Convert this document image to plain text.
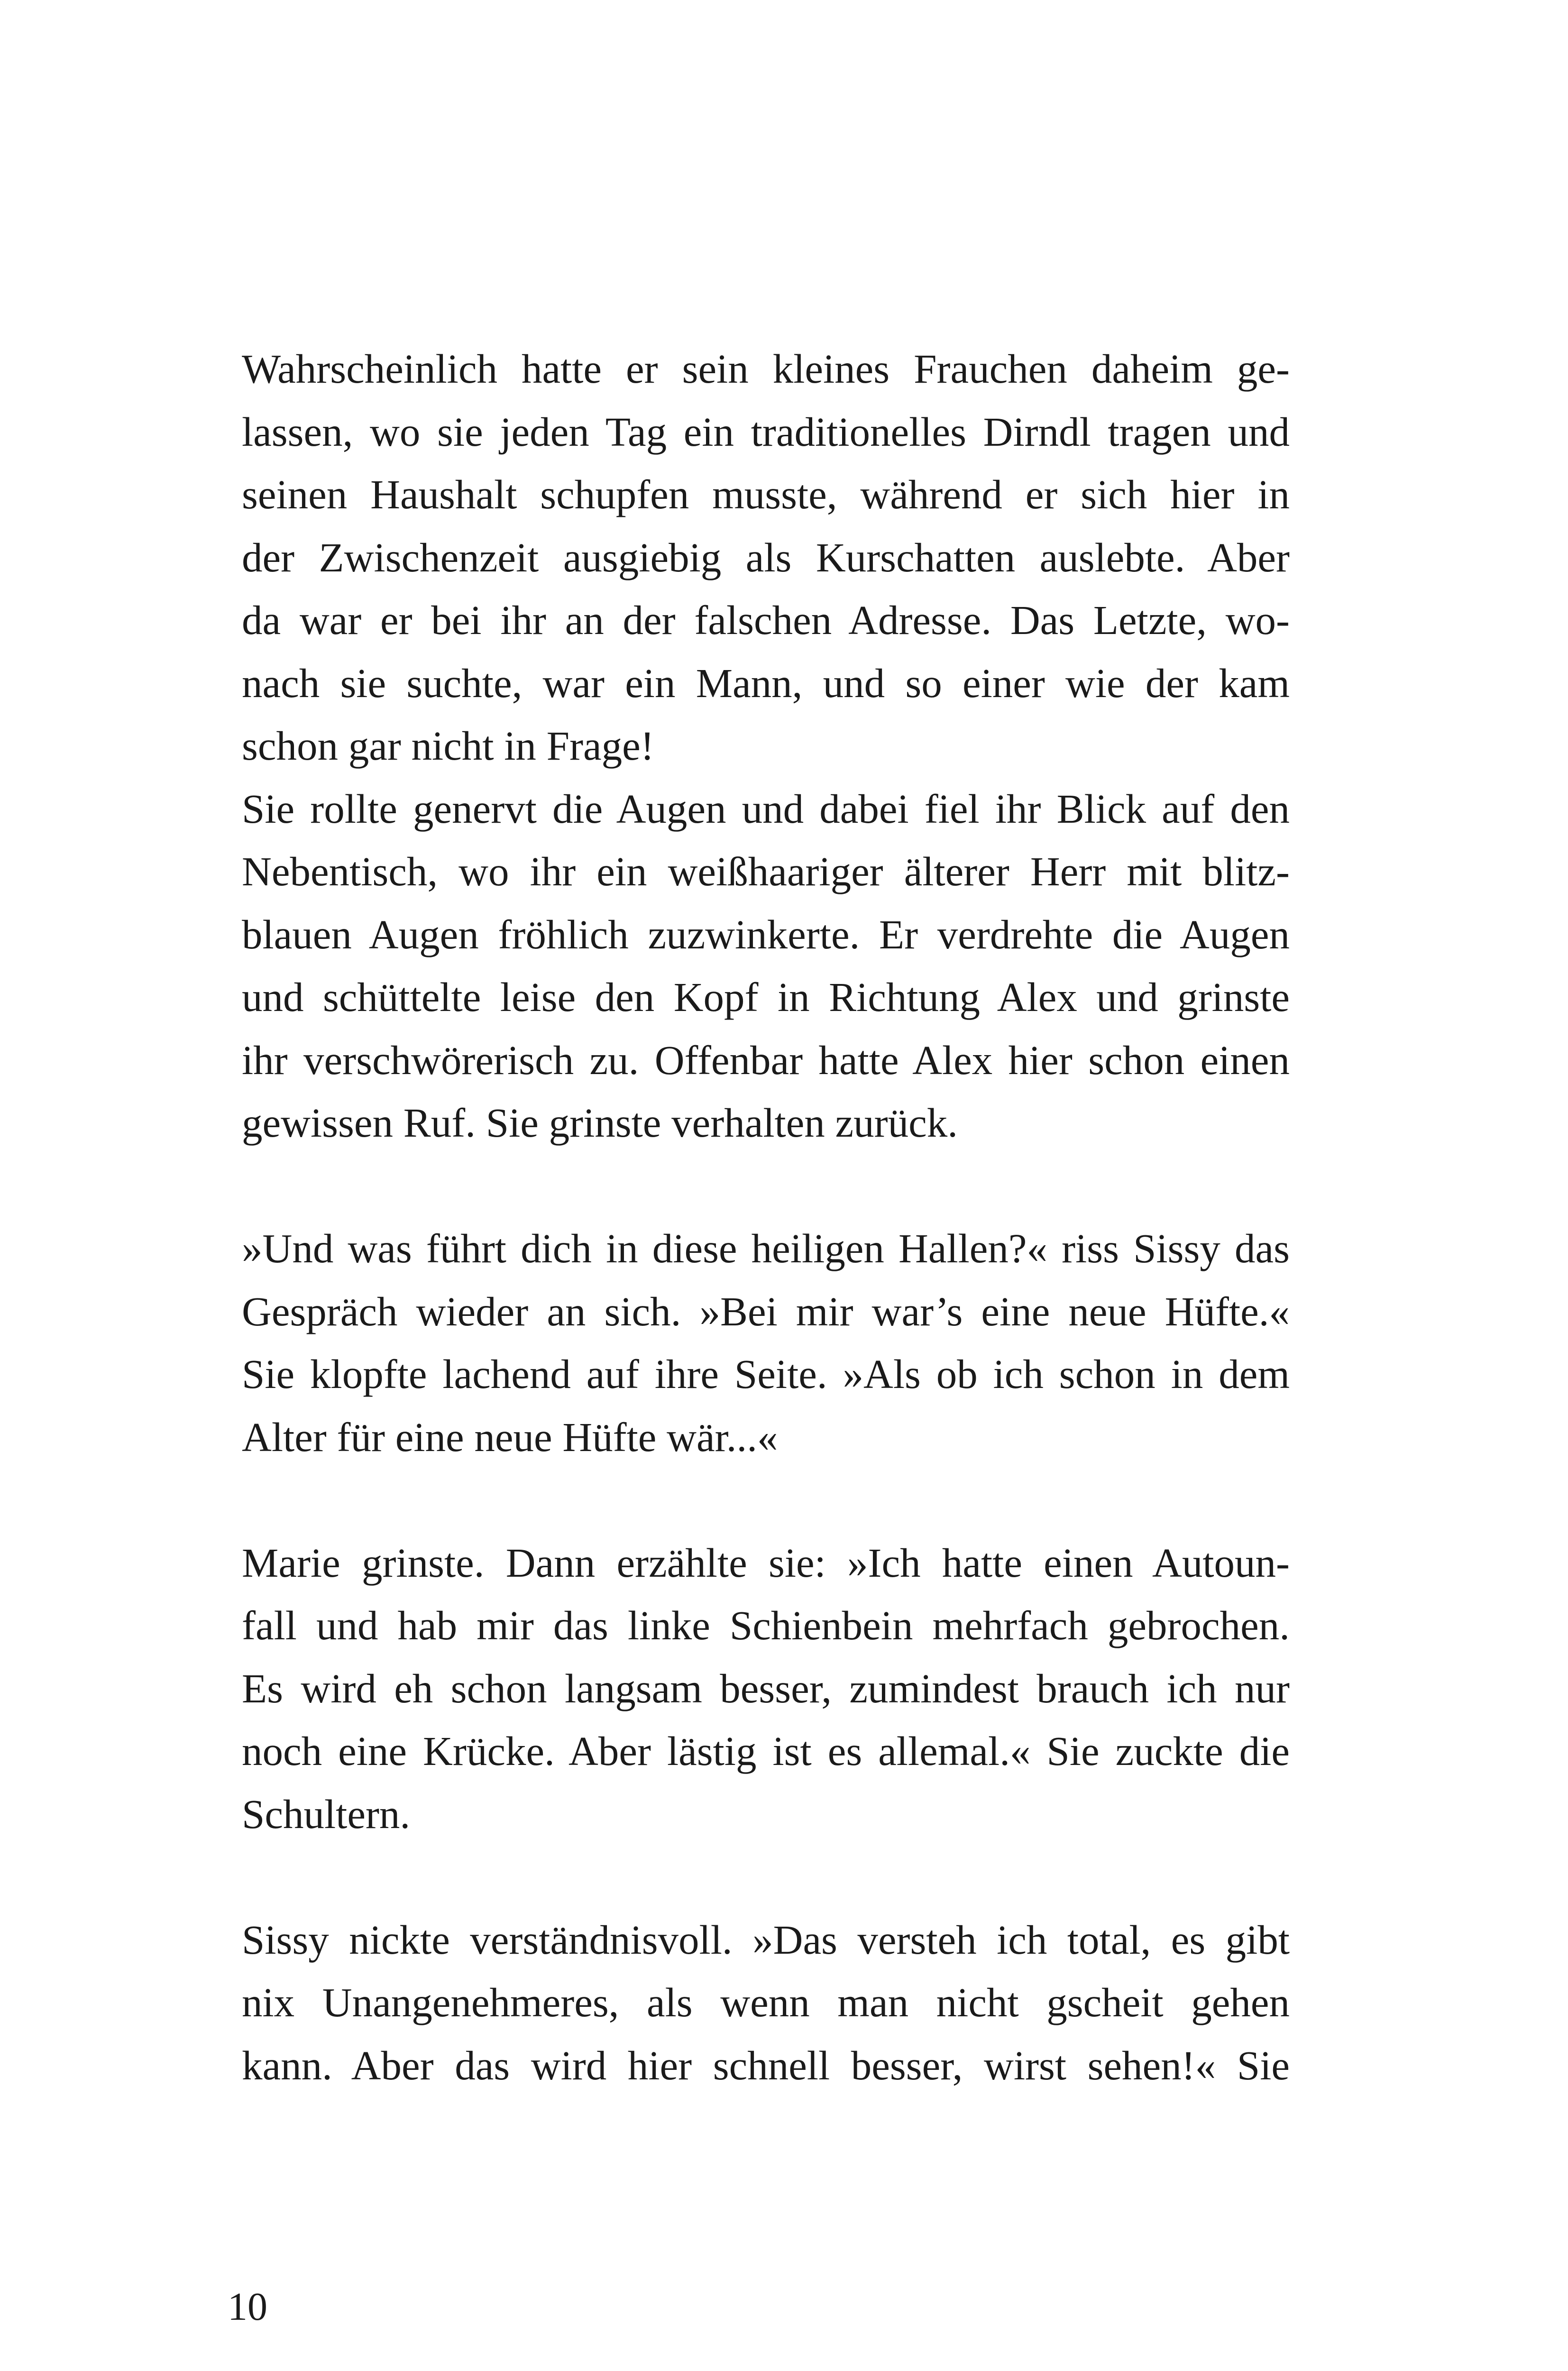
Wahrscheinlich hatte er sein kleines Frauchen daheim ge-
lassen, wo sie jeden Tag ein traditionelles Dirndl tragen und
seinen Haushalt schupfen musste, während er sich hier in
der Zwischenzeit ausgiebig als Kurschatten auslebte. Aber
da war er bei ihr an der falschen Adresse. Das Letzte, wo-
nach sie suchte, war ein Mann, und so einer wie der kam
schon gar nicht in Frage!
Sie rollte genervt die Augen und dabei fiel ihr Blick auf den
Nebentisch, wo ihr ein weißhaariger älterer Herr mit blitz-
blauen Augen fröhlich zuzwinkerte. Er verdrehte die Augen
und schüttelte leise den Kopf in Richtung Alex und grinste
ihr verschwörerisch zu. Offenbar hatte Alex hier schon einen
gewissen Ruf. Sie grinste verhalten zurück.
»Und was führt dich in diese heiligen Hallen?« riss Sissy das
Gespräch wieder an sich. »Bei mir war’s eine neue Hüfte.«
Sie klopfte lachend auf ihre Seite. »Als ob ich schon in dem
Alter für eine neue Hüfte wär...«
Marie grinste. Dann erzählte sie: »Ich hatte einen Autoun-
fall und hab mir das linke Schienbein mehrfach gebrochen.
Es wird eh schon langsam besser, zumindest brauch ich nur
noch eine Krücke. Aber lästig ist es allemal.« Sie zuckte die
Schultern.
Sissy nickte verständnisvoll. »Das versteh ich total, es gibt
nix Unangenehmeres, als wenn man nicht gscheit gehen
kann. Aber das wird hier schnell besser, wirst sehen!« Sie
10
